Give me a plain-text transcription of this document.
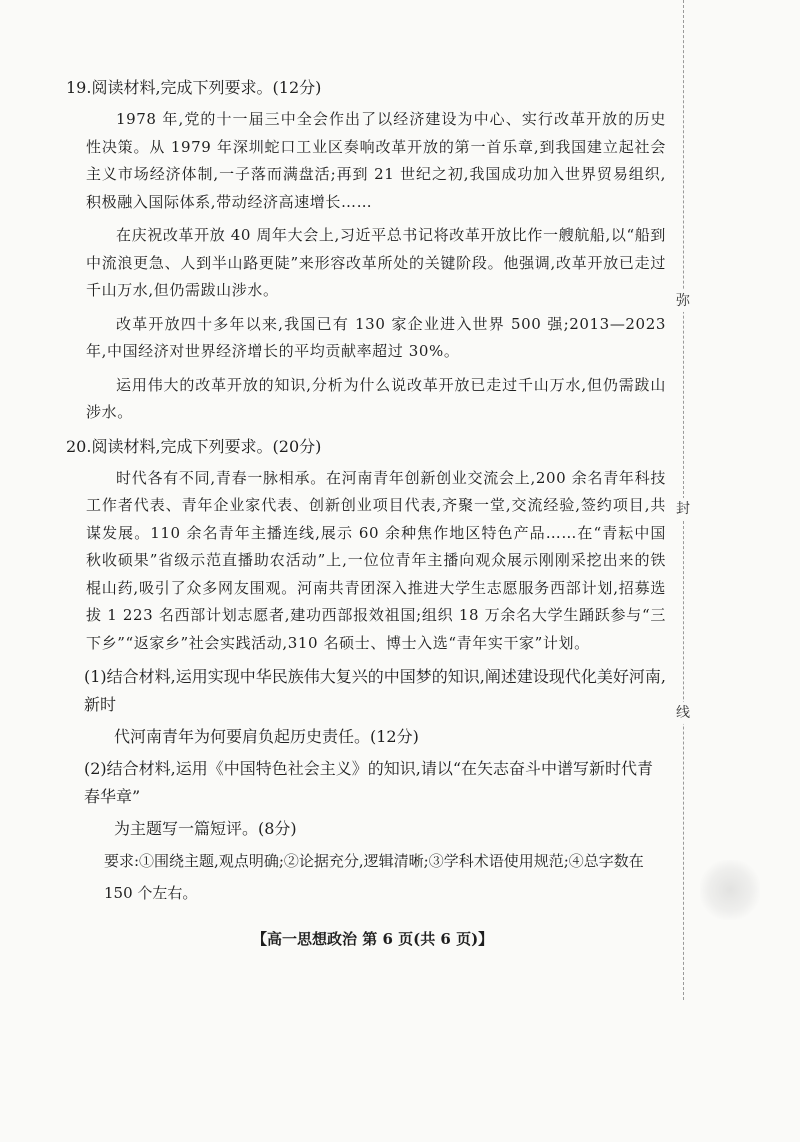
弥
封
线
19.阅读材料,完成下列要求。(12分)

1978 年,党的十一届三中全会作出了以经济建设为中心、实行改革开放的历史性决策。从 1979 年深圳蛇口工业区奏响改革开放的第一首乐章,到我国建立起社会主义市场经济体制,一子落而满盘活;再到 21 世纪之初,我国成功加入世界贸易组织,积极融入国际体系,带动经济高速增长……

在庆祝改革开放 40 周年大会上,习近平总书记将改革开放比作一艘航船,以“船到中流浪更急、人到半山路更陡”来形容改革所处的关键阶段。他强调,改革开放已走过千山万水,但仍需跋山涉水。

改革开放四十多年以来,我国已有 130 家企业进入世界 500 强;2013—2023 年,中国经济对世界经济增长的平均贡献率超过 30%。

运用伟大的改革开放的知识,分析为什么说改革开放已走过千山万水,但仍需跋山涉水。

20.阅读材料,完成下列要求。(20分)

时代各有不同,青春一脉相承。在河南青年创新创业交流会上,200 余名青年科技工作者代表、青年企业家代表、创新创业项目代表,齐聚一堂,交流经验,签约项目,共谋发展。110 余名青年主播连线,展示 60 余种焦作地区特色产品……在“青耘中国 秋收硕果”省级示范直播助农活动”上,一位位青年主播向观众展示刚刚采挖出来的铁棍山药,吸引了众多网友围观。河南共青团深入推进大学生志愿服务西部计划,招募选拔 1 223 名西部计划志愿者,建功西部报效祖国;组织 18 万余名大学生踊跃参与“三下乡”“返家乡”社会实践活动,310 名硕士、博士入选“青年实干家”计划。

(1)结合材料,运用实现中华民族伟大复兴的中国梦的知识,阐述建设现代化美好河南,新时
代河南青年为何要肩负起历史责任。(12分)
(2)结合材料,运用《中国特色社会主义》的知识,请以“在矢志奋斗中谱写新时代青春华章”
为主题写一篇短评。(8分)
要求:①围绕主题,观点明确;②论据充分,逻辑清晰;③学科术语使用规范;④总字数在
150 个左右。
【高一思想政治 第 6 页(共 6 页)】
